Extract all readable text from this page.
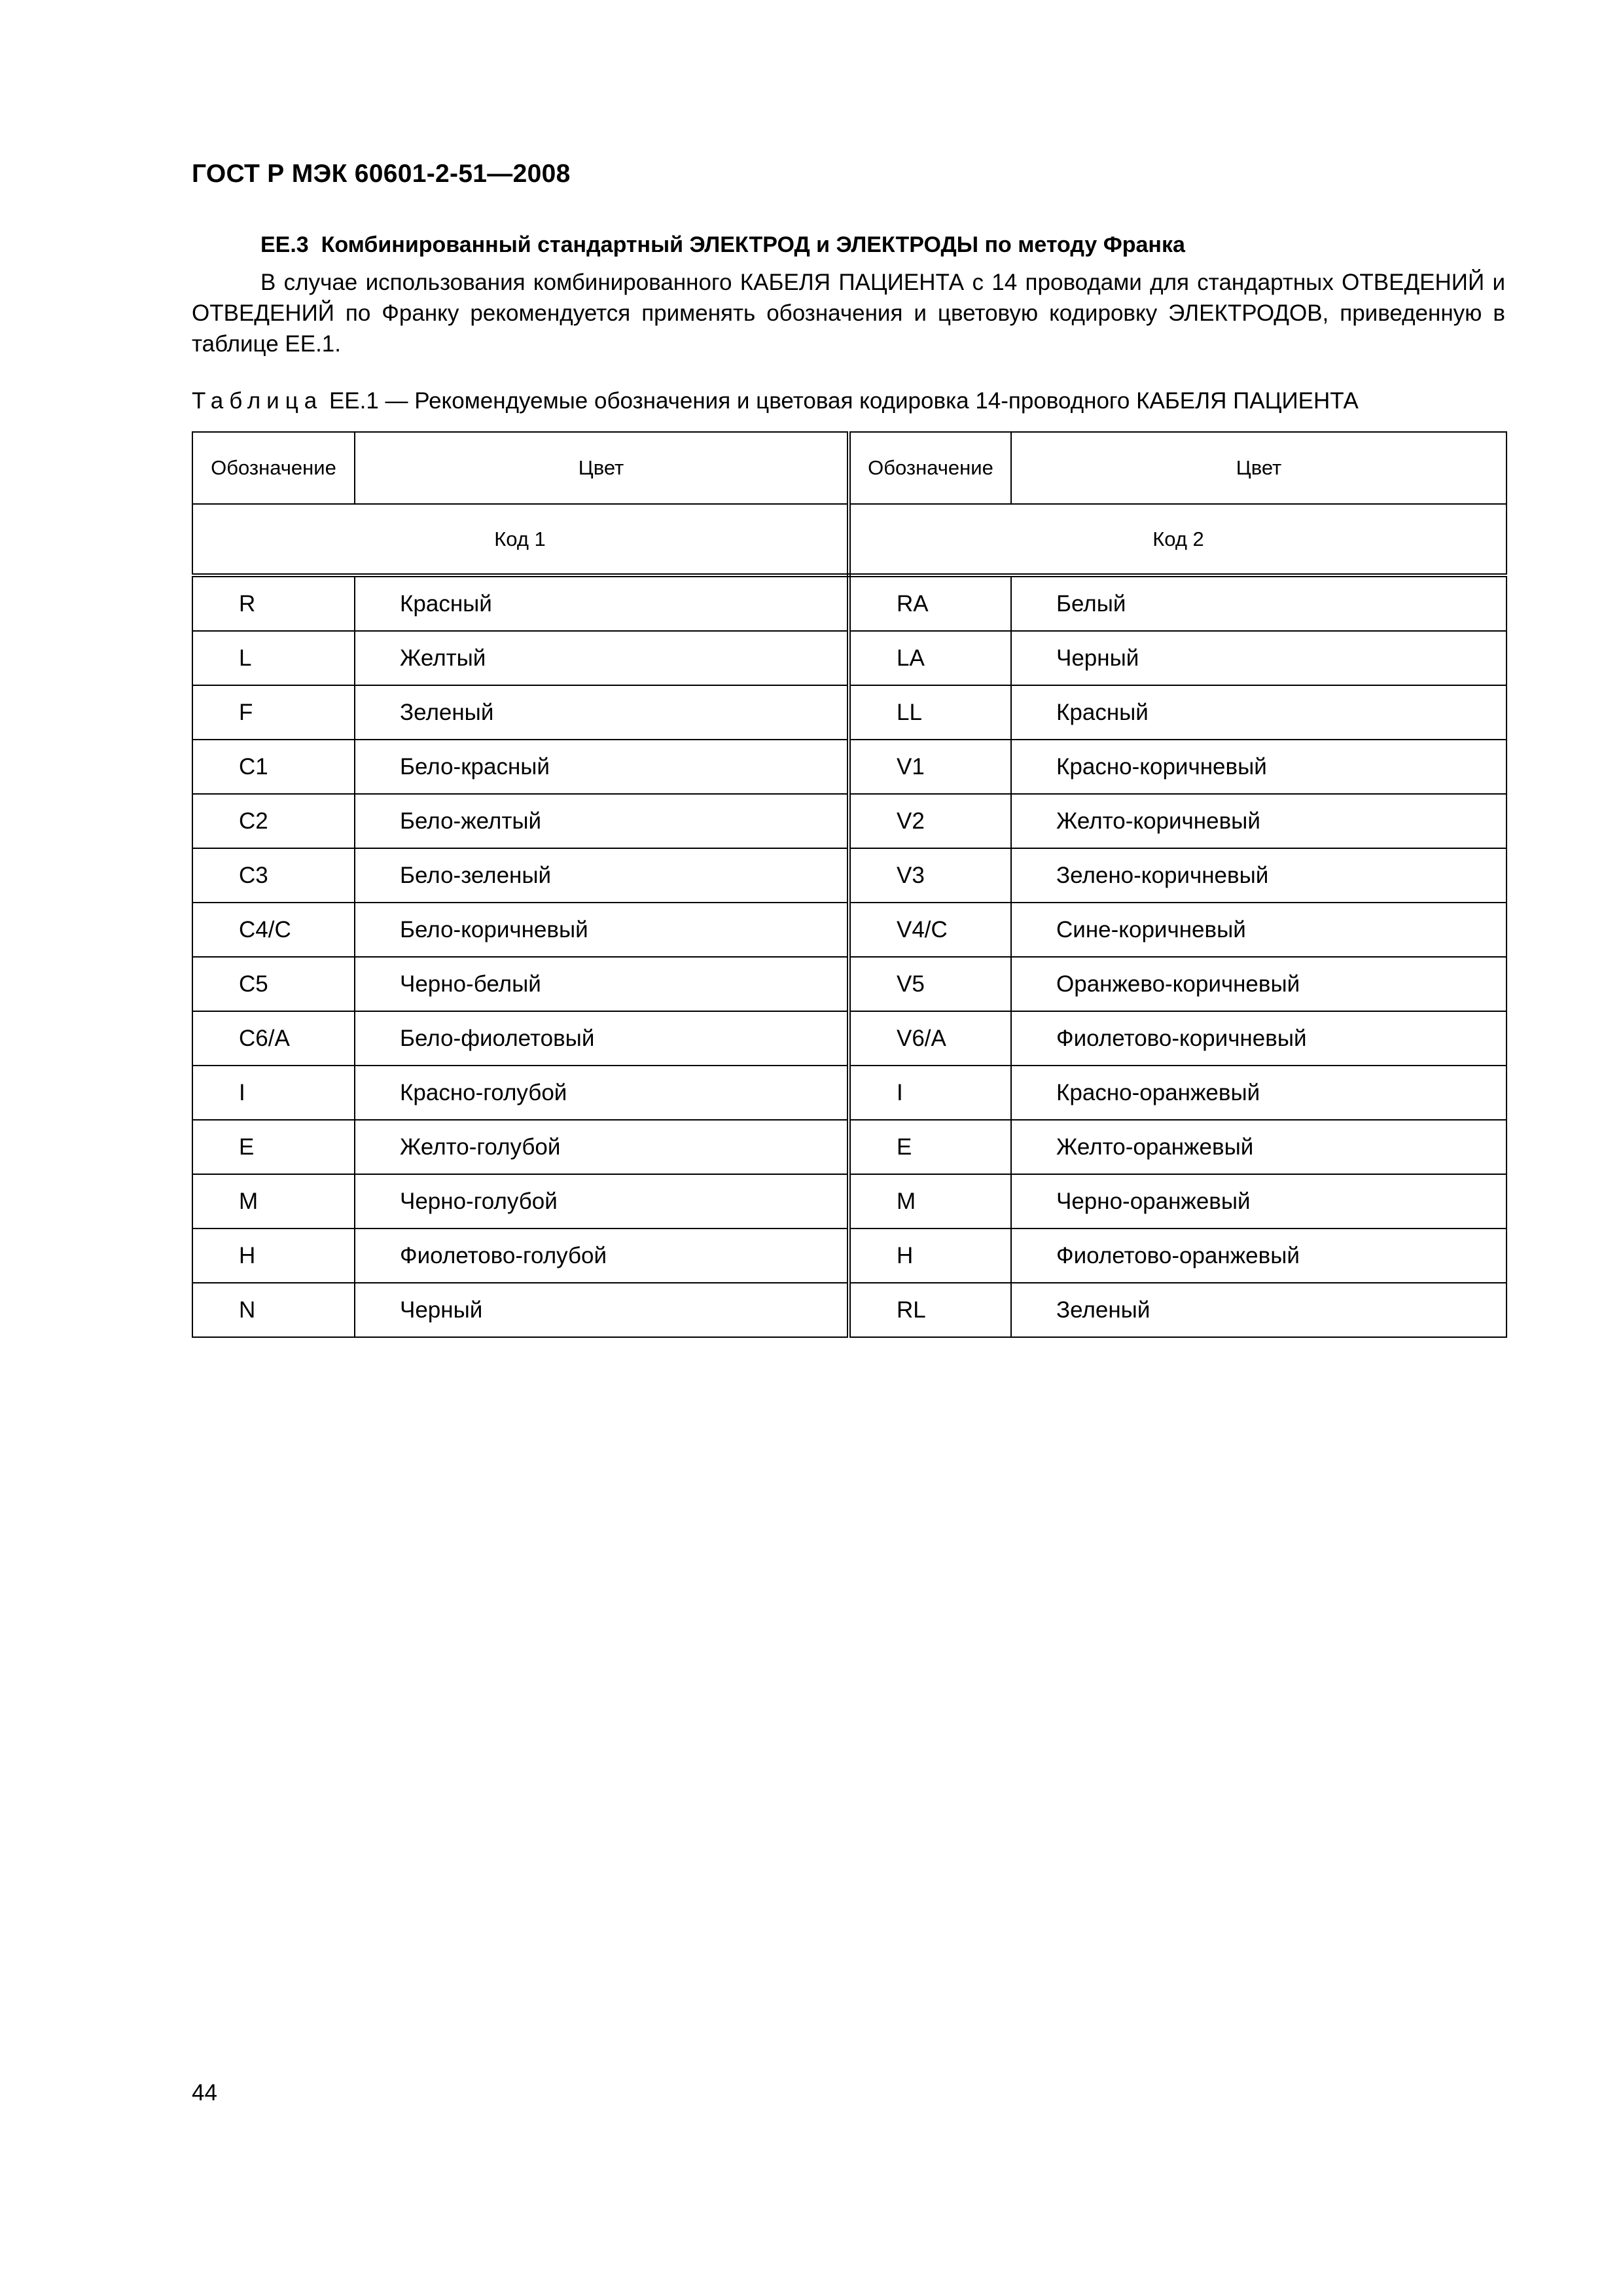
ГОСТ Р МЭК 60601-2-51—2008
ЕЕ.3  Комбинированный стандартный ЭЛЕКТРОД и ЭЛЕКТРОДЫ по методу Франка
В случае использования комбинированного КАБЕЛЯ ПАЦИЕНТА с 14 проводами для стандартных ОТВЕДЕНИЙ и ОТВЕДЕНИЙ по Франку рекомендуется применять обозначения и цветовую кодировку ЭЛЕКТРОДОВ, приведенную в таблице ЕЕ.1.
Таблица ЕЕ.1 — Рекомендуемые обозначения и цветовая кодировка 14-проводного КАБЕЛЯ ПАЦИЕНТА
Обозначение	Цвет	Обозначение	Цвет
Код 1		Код 2	
R	Красный	RA	Белый
L	Желтый	LA	Черный
F	Зеленый	LL	Красный
C1	Бело-красный	V1	Красно-коричневый
C2	Бело-желтый	V2	Желто-коричневый
C3	Бело-зеленый	V3	Зелено-коричневый
C4/C	Бело-коричневый	V4/C	Сине-коричневый
C5	Черно-белый	V5	Оранжево-коричневый
C6/A	Бело-фиолетовый	V6/A	Фиолетово-коричневый
I	Красно-голубой	I	Красно-оранжевый
E	Желто-голубой	E	Желто-оранжевый
M	Черно-голубой	M	Черно-оранжевый
H	Фиолетово-голубой	H	Фиолетово-оранжевый
N	Черный	RL	Зеленый
44
